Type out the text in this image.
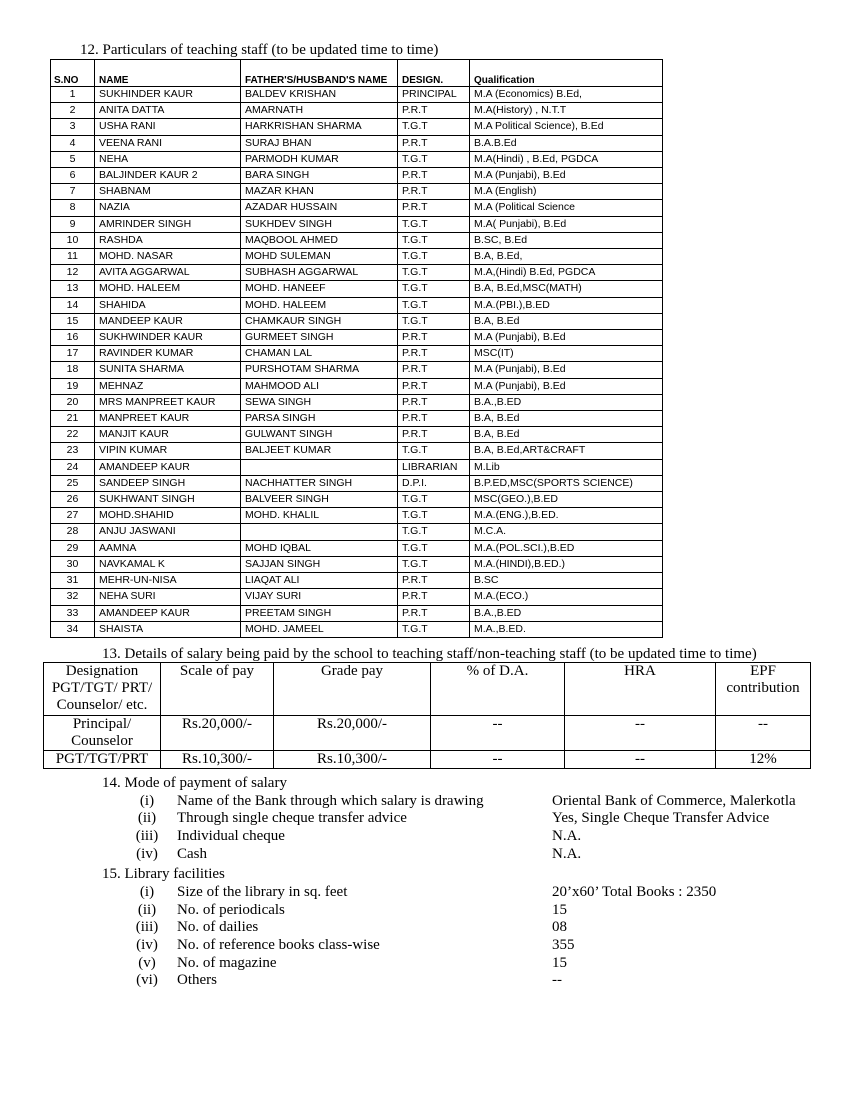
12. Particulars of teaching staff (to be updated time to time)
S.NO	NAME	FATHER'S/HUSBAND'S NAME	DESIGN.	Qualification
1	SUKHINDER KAUR	BALDEV KRISHAN	PRINCIPAL	M.A (Economics) B.Ed,
2	ANITA DATTA	AMARNATH	P.R.T	M.A(History) , N.T.T
3	USHA RANI	HARKRISHAN SHARMA	T.G.T	M.A Political Science), B.Ed
4	VEENA RANI	SURAJ BHAN	P.R.T	B.A.B.Ed
5	NEHA	PARMODH KUMAR	T.G.T	M.A(Hindi) , B.Ed, PGDCA
6	BALJINDER KAUR 2	BARA SINGH	P.R.T	M.A (Punjabi), B.Ed
7	SHABNAM	MAZAR KHAN	P.R.T	M.A (English)
8	NAZIA	AZADAR HUSSAIN	P.R.T	M.A (Political Science
9	AMRINDER SINGH	SUKHDEV SINGH	T.G.T	M.A( Punjabi), B.Ed
10	RASHDA	MAQBOOL AHMED	T.G.T	B.SC, B.Ed
11	MOHD. NASAR	MOHD SULEMAN	T.G.T	B.A, B.Ed,
12	AVITA AGGARWAL	SUBHASH AGGARWAL	T.G.T	M.A,(Hindi) B.Ed, PGDCA
13	MOHD. HALEEM	MOHD. HANEEF	T.G.T	B.A, B.Ed,MSC(MATH)
14	SHAHIDA	MOHD. HALEEM	T.G.T	M.A.(PBI.),B.ED
15	MANDEEP KAUR	CHAMKAUR SINGH	T.G.T	B.A, B.Ed
16	SUKHWINDER KAUR	GURMEET SINGH	P.R.T	M.A (Punjabi), B.Ed
17	RAVINDER KUMAR	CHAMAN LAL	P.R.T	MSC(IT)
18	SUNITA SHARMA	PURSHOTAM SHARMA	P.R.T	M.A (Punjabi), B.Ed
19	MEHNAZ	MAHMOOD ALI	P.R.T	M.A (Punjabi), B.Ed
20	MRS MANPREET KAUR	SEWA SINGH	P.R.T	B.A.,B.ED
21	MANPREET KAUR	PARSA SINGH	P.R.T	B.A, B.Ed
22	MANJIT KAUR	GULWANT SINGH	P.R.T	B.A, B.Ed
23	VIPIN KUMAR	BALJEET KUMAR	T.G.T	B.A, B.Ed,ART&CRAFT
24	AMANDEEP KAUR		LIBRARIAN	M.Lib
25	SANDEEP SINGH	NACHHATTER SINGH	D.P.I.	B.P.ED,MSC(SPORTS SCIENCE)
26	SUKHWANT SINGH	BALVEER SINGH	T.G.T	MSC(GEO.),B.ED
27	MOHD.SHAHID	MOHD. KHALIL	T.G.T	M.A.(ENG.),B.ED.
28	ANJU JASWANI		T.G.T	M.C.A.
29	AAMNA	MOHD IQBAL	T.G.T	M.A.(POL.SCI.),B.ED
30	NAVKAMAL K	SAJJAN SINGH	T.G.T	M.A.(HINDI),B.ED.)
31	MEHR-UN-NISA	LIAQAT ALI	P.R.T	B.SC
32	NEHA SURI	VIJAY SURI	P.R.T	M.A.(ECO.)
33	AMANDEEP KAUR	PREETAM SINGH	P.R.T	B.A.,B.ED
34	SHAISTA	MOHD. JAMEEL	T.G.T	M.A.,B.ED.
13. Details of salary being paid by the school to teaching staff/non-teaching staff (to be updated time to time)
Designation PGT/TGT/ PRT/ Counselor/ etc.	Scale of pay	Grade pay	% of D.A.	HRA	EPF contribution
Principal/ Counselor	Rs.20,000/-	Rs.20,000/-	--	--	--
PGT/TGT/PRT	Rs.10,300/-	Rs.10,300/-	--	--	12%
14. Mode of payment of salary
(i)	Name of the Bank through which salary is drawing	Oriental Bank of Commerce, Malerkotla
(ii)	Through single cheque transfer advice	Yes, Single Cheque Transfer Advice
(iii)	Individual cheque	N.A.
(iv)	Cash	N.A.
15. Library facilities
(i)	Size of the library in sq. feet	20’x60’ Total Books : 2350
(ii)	No. of periodicals	15
(iii)	No. of dailies	08
(iv)	No. of reference books class-wise	355
(v)	No. of magazine	15
(vi)	Others	--
